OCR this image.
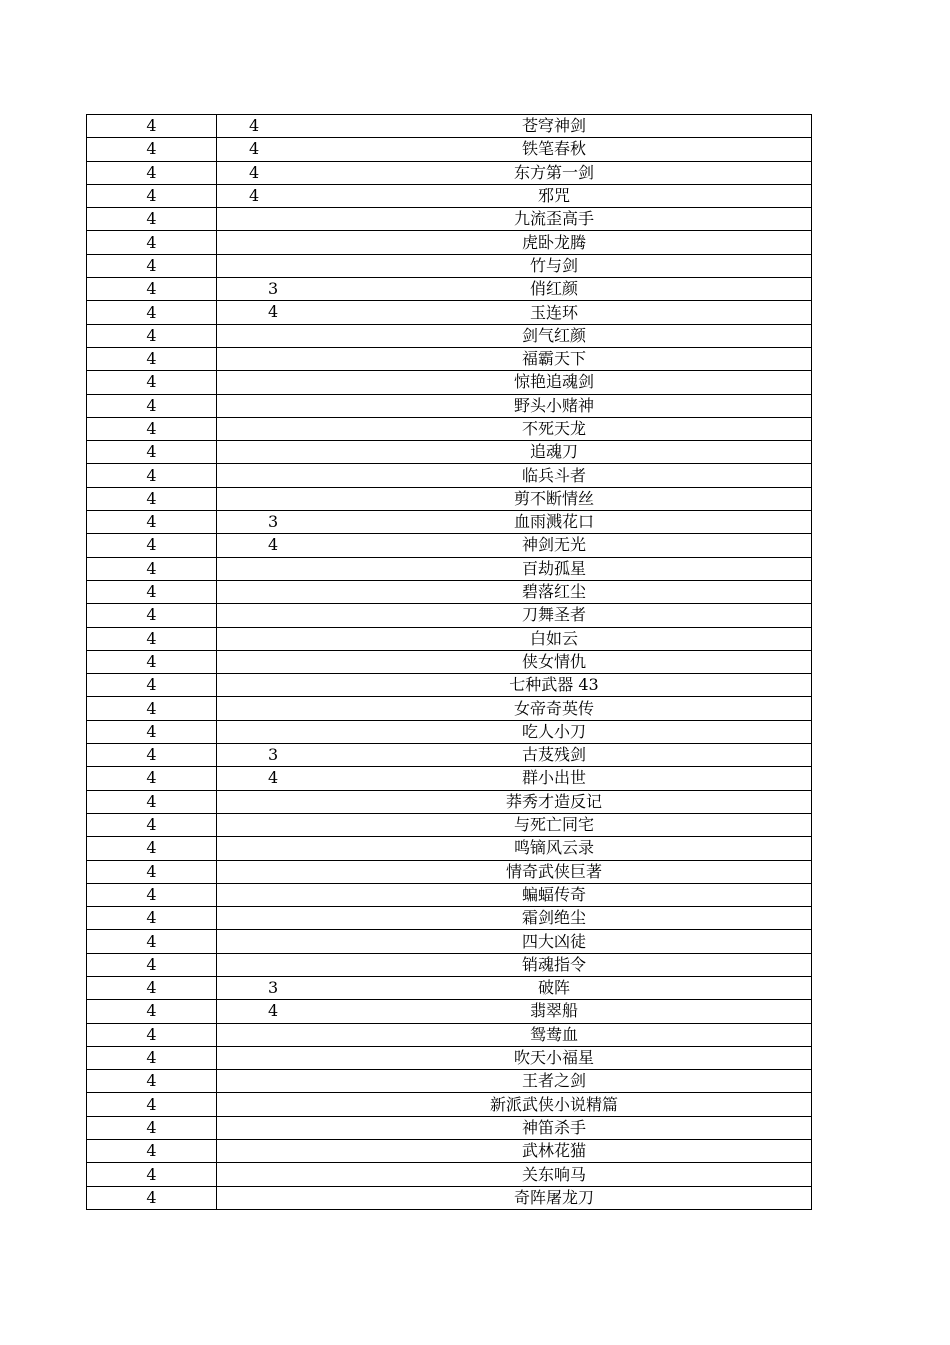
4	4	苍穹神剑
4	4	铁笔春秋
4	4	东方第一剑
4	4	邪咒
4		九流歪高手
4		虎卧龙腾
4		竹与剑
4	3	俏红颜
4	4	玉连环
4		剑气红颜
4		福霸天下
4		惊艳追魂剑
4		野头小赌神
4		不死天龙
4		追魂刀
4		临兵斗者
4		剪不断情丝
4	3	血雨溅花口
4	4	神剑无光
4		百劫孤星
4		碧落红尘
4		刀舞圣者
4		白如云
4		侠女情仇
4		七种武器 43
4		女帝奇英传
4		吃人小刀
4	3	古芨残剑
4	4	群小出世
4		莽秀才造反记
4		与死亡同宅
4		鸣镝风云录
4		情奇武侠巨著
4		蝙蝠传奇
4		霜剑绝尘
4		四大凶徒
4		销魂指令
4	3	破阵
4	4	翡翠船
4		鸳鸯血
4		吹天小福星
4		王者之剑
4		新派武侠小说精篇
4		神笛杀手
4		武林花猫
4		关东响马
4		奇阵屠龙刀
